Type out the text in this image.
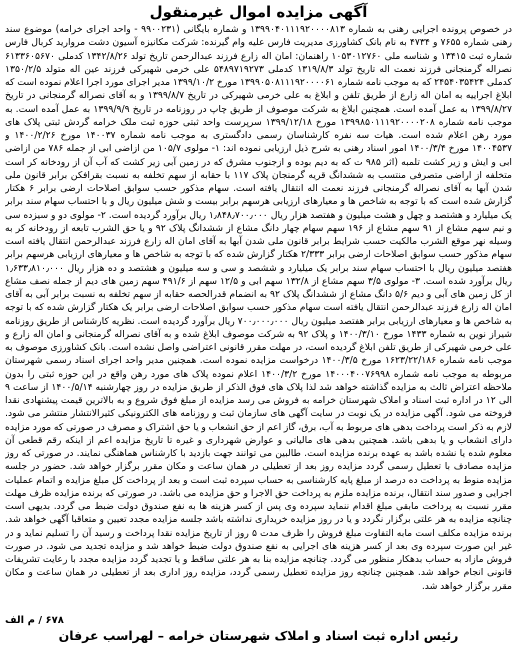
آگهی مزایده اموال غیرمنقول

در خصوص پرونده اجرایی رهنی به شماره ۱۳۹۹۰۴۰۱۱۱۹۲۰۰۰۰۸۱۳ و شماره بایگانی (۹۹۰۰۲۳۱ - واحد اجرای خرامه) موضوع سند رهنی شماره ۷۶۵۵ و ۴۷۳۴ به نام بانک کشاورزی مدیریت فارس علیه وام گیرنده: شرکت مکانیزه آسیون دشت مروارید کربال فارس شماره ثبت ۱۳۴۱۵ و شناسه ملی ۱۰۵۳۰۱۲۷۶۰ راهنمان: امان اله زارع فرزند عبدالرحمن تاریخ تولد ۱۳۴۲/۸/۲۶ کدملی ۶۱۳۳۶۰۵۶۷۰ نصراله گرمنجانی فرزند نعمت اله تاریخ تولد ۱۳۱۹/۸/۳ کدملی ۵۴۸۹۷۱۹۲۷۳ علی خرمی شهیرکی فرزند عین اله متولد ۱۳۵۰/۲/۵ کدملی ۲۴۵۴۰۳۵۴۲۴ که به موجب نامه شماره ۱۳۹۹۰۵۰۸۱۱۱۹۲۰۰۰۰۶۱ مورخ ۱۳۹۹/۱۰/۲ مدیر اجرای مورد اجرا اعلام نموده است که ابلاغ اجراییه به امان اله زارع از طریق تلفن و ابلاغ به علی خرمی شهیرکی در تاریخ ۱۳۹۹/۸/۷ و به آقای نصراله گرمنجانی در تاریخ ۱۳۹۹/۸/۲۷ به عمل آمده است. همچنین ابلاغ به شرکت موصوف از طریق چاپ در روزنامه در تاریخ ۱۳۹۹/۹/۹ به عمل آمده است. به موجب نامه شماره ۱۳۹۹۸۵۰۱۱۱۹۲۰۰۰۰۲۰۸ مورخ ۱۳۹۹/۱۲/۱۸ سرپرست واحد ثبتی حوزه ثبت ملک خرامه گردش ثبتی پلاک های مورد رهن اعلام شده است. هیات سه نفره کارشناسان رسمی دادگستری به موجب نامه شماره ۱۴۰۰۳۷ مورخ ۱۴۰۰/۲/۲۶ و ۱۴۰۰۴۵۳۷ مورخ ۱۴۰۰/۳/۴ امور اسناد رهنی به شرح ذیل ارزیابی نموده اند: ۱- مولوی ۱۰۵/۷ من ازاضی ابی از جمله ۷۸۶ من ازاضی ابی و ایش و زیر کشت تلمبه (اثر ۹۸۵ ت که به دیم بوده و ازجنوب مشرق که در زمین آبی زیر کشت که آب آن از رودخانه کر است متخلفه از اراضی متصرفی منتسب به ششدانگ قریه گرمنجان پلاک ۱۱۷ با حقابه از سهم تخلفه به نسبت بقرافکن برابر قانون ملی شدن آبها به آقای نصراله گرمنجانی فرزند نعمت اله انتقال یافته است. سهام مذکور حسب سوابق اصلاحات ارضی برابر ۶ هکتار گزارش شده است که با توجه به شاخص ها و معیارهای ارزیابی هرسهم برابر بیست و شش میلیون ریال و با احتساب سهام سند برابر یک میلیارد و هشتصد و چهل و هشت میلیون و هفتصد هزار ریال ۱٫۸۴۸٫۷۰۰٫۰۰۰ ریال برآورد گردیده است. ۲- مولوی دو و سیزده سی و نیم سهم مشاع از ۹۱ سهم مشاع از ۱۹۶ سهم سهام چهار دانگ مشاع از ششدانگ پلاک ۹۲ و یا حق الشرب تابعه از رودخانه کر به وسیله نهر موقع الشرب مالکیت حسب شرایط برابر قانون ملی شدن آبها به آقای امان اله زارع فرزند عبدالرحمن انتقال یافته است سهام مذکور حسب سوابق اصلاحات ارضی برابر ۲/۳۳۳ هکتار گزارش شده که با توجه به شاخص ها و معیارهای ارزیابی هرسهم برابر هفتصد میلیون ریال با احتساب سهام سند برابر یک میلیارد و ششصد و سی و سه میلیون و هشتصد و ده هزار ریال ۱٫۶۳۳٫۸۱۰٫۰۰۰ ریال برآورد شده است. ۳- مولوی ۳/۵ سهم مشاع از ۱۳۲/۸ سهم ابی و ۱۲/۵ سهم از ۴۹۱/۶ سهم زمین های دیم از جمله نصف مشاع از کل زمین های آبی و دیم ۵/۶ دانگ مشاع از ششدانگ پلاک ۹۲ به انضمام قدرالحصه حقابه از سهم تخلفه به نسبت برابر آبی به آقای امان اله زارع فرزند عبدالرحمن انتقال یافته است سهام مذکور حسب سوابق اصلاحات ارضی برابر یک هکتار گزارش شده که با توجه به شاخص ها و معیارهای ارزیابی برابر هفتصد میلیون ریال ۷۰۰٫۰۰۰٫۰۰۰ ریال برآورد گردیده است. نظریه کارشناس از طریق روزنامه شیراز نوین به شماره ۱۴۳۳ مورخ ۱۴۰۰/۳/۱۰ و پلاک ۹۲ به شرکت موصوف ابلاغ شده و به آقای نصراله گرمنجانی و امان اله زارع و علی خرمی شهیرکی از طریق تلفن ابلاغ گردیده است، در مهلت مقرر قانونی اعتراضی واصل نشده است. بانک کشاورزی موصوف به موجب نامه شماره ۱۶۲۳/۲۲/۱۸۶ مورخ ۱۴۰۰/۳/۵ درخواست مزایده نموده است. همچنین مدیر واحد اجرای اسناد رسمی شهرستان مربوطه به موجب نامه شماره ۱۴۰۰۰۴۰۰۷۶۹۹۸ مورخ ۱۴۰۰/۳/۲ اعلام نموده پلاک های مورد رهن واقع در این حوزه ثبتی را بدون ملاحظه اعتراض ثالث به مزایده گذاشته خواهد شد لذا پلاک های فوق الذکر از طریق مزایده در روز چهارشنبه ۱۴۰۰/۵/۱۴ از ساعت ۹ الی ۱۲ در اداره ثبت اسناد و املاک شهرستان خرامه به فروش می رسد مزایده از مبلغ فوق شروع و به بالاترین قیمت پیشنهادی نقدا فروخته می شود. آگهی مزایده در یک نوبت در سایت آگهی های سازمان ثبت و روزنامه های الکترونیکی کثیرالانتشار منتشر می شود. لازم به ذکر است پرداخت بدهی های مربوط به آب، برق، گاز اعم از حق انشعاب و یا حق اشتراک و مصرف در صورتی که مورد مزایده دارای انشعاب و یا بدهی باشد. همچنین بدهی های مالیاتی و عوارض شهرداری و غیره تا تاریخ مزایده اعم از اینکه رقم قطعی آن معلوم شده یا نشده باشد به عهده برنده مزایده است. طالبین می توانند جهت بازدید با کارشناس هماهنگی نمایند. در صورتی که روز مزایده مصادف با تعطیل رسمی گردد مزایده روز بعد از تعطیلی در همان ساعت و مکان مقرر برگزار خواهد شد. حضور در جلسه مزایده منوط به پرداخت ده درصد از مبلغ پایه کارشناسی به حساب سپرده ثبت است و بعد از پرداخت کل مبلغ مزایده و اتمام عملیات اجرایی و صدور سند انتقال، برنده مزایده ملزم به پرداخت حق الاجرا و حق مزایده می باشد. در صورتی که برنده مزایده ظرف مهلت مقرر نسبت به پرداخت مابقی مبلغ اقدام ننماید سپرده وی پس از کسر هزینه ها به نفع صندوق دولت ضبط می گردد. بدیهی است چنانچه مزایده به هر علتی برگزار نگردد و یا در روز مزایده خریداری نداشته باشد جلسه مزایده مجدد تعیین و متعاقبا آگهی خواهد شد. برنده مزایده مکلف است مابه التفاوت مبلغ فروش را ظرف مدت ۵ روز از تاریخ مزایده نقدا پرداخت و رسید آن را تسلیم نماید و در غیر این صورت سپرده وی بعد از کسر هزینه های اجرایی به نفع صندوق دولت ضبط خواهد شد و مزایده تجدید می شود. در صورت فروش مازاد به حساب بدهکار منظور می گردد. چنانچه مزایده بنا به هر علتی ساقط و یا تجدید گردد مزایده مجدد با رعایت تشریفات قانونی انجام خواهد شد. همچنین چنانچه روز مزایده تعطیل رسمی گردد، مزایده روز اداری بعد از تعطیلی در همان ساعت و مکان مقرر برگزار خواهد شد.

۶۷۸ / م الف
رئیس اداره ثبت اسناد و املاک شهرستان خرامه – لهراسب عرفان
